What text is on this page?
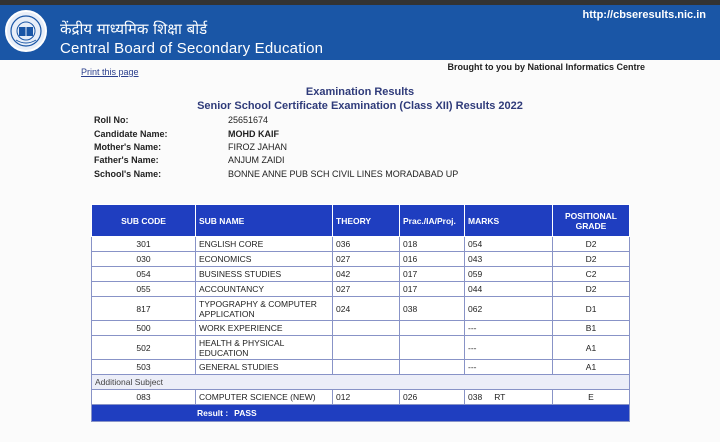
केंद्रीय माध्यमिक शिक्षा बोर्ड
Central Board of Secondary Education
http://cbseresults.nic.in
Print this page	Brought to you by National Informatics Centre
Examination Results
Senior School Certificate Examination (Class XII) Results 2022
Roll No:	25651674
Candidate Name:	MOHD KAIF
Mother's Name:	FIROZ JAHAN
Father's Name:	ANJUM ZAIDI
School's Name:	BONNE ANNE PUB SCH CIVIL LINES MORADABAD UP
SUB CODE	SUB NAME	THEORY	Prac./IA/Proj.	MARKS	POSITIONAL GRADE
301	ENGLISH CORE	036	018	054	D2
030	ECONOMICS	027	016	043	D2
054	BUSINESS STUDIES	042	017	059	C2
055	ACCOUNTANCY	027	017	044	D2
817	TYPOGRAPHY & COMPUTER APPLICATION	024	038	062	D1
500	WORK EXPERIENCE			---	B1
502	HEALTH & PHYSICAL EDUCATION			---	A1
503	GENERAL STUDIES			---	A1
Additional Subject					
083	COMPUTER SCIENCE (NEW)	012	026	038 RT	E
Result : PASS					
